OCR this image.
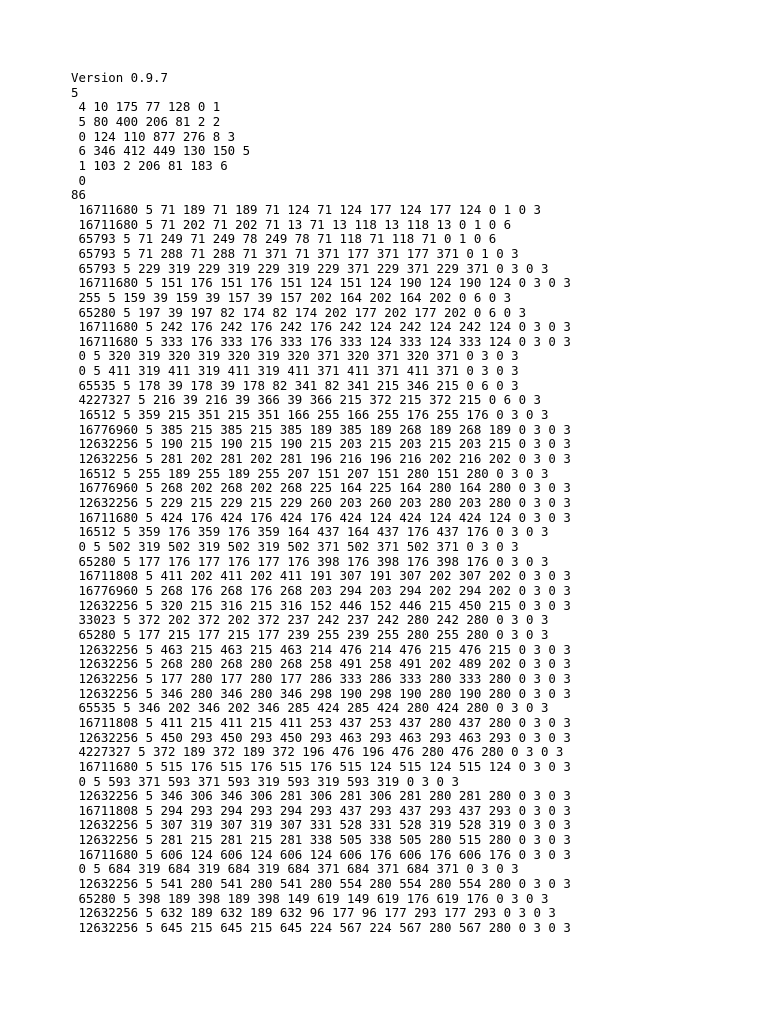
Version 0.9.7
5
4 10 175 77 128 0 1
5 80 400 206 81 2 2
0 124 110 877 276 8 3
6 346 412 449 130 150 5
1 103 2 206 81 183 6
0
86
16711680 5 71 189 71 189 71 124 71 124 177 124 177 124 0 1 0 3
16711680 5 71 202 71 202 71 13 71 13 118 13 118 13 0 1 0 6
65793 5 71 249 71 249 78 249 78 71 118 71 118 71 0 1 0 6
65793 5 71 288 71 288 71 371 71 371 177 371 177 371 0 1 0 3
65793 5 229 319 229 319 229 319 229 371 229 371 229 371 0 3 0 3
16711680 5 151 176 151 176 151 124 151 124 190 124 190 124 0 3 0 3
255 5 159 39 159 39 157 39 157 202 164 202 164 202 0 6 0 3
65280 5 197 39 197 82 174 82 174 202 177 202 177 202 0 6 0 3
16711680 5 242 176 242 176 242 176 242 124 242 124 242 124 0 3 0 3
16711680 5 333 176 333 176 333 176 333 124 333 124 333 124 0 3 0 3
0 5 320 319 320 319 320 319 320 371 320 371 320 371 0 3 0 3
0 5 411 319 411 319 411 319 411 371 411 371 411 371 0 3 0 3
65535 5 178 39 178 39 178 82 341 82 341 215 346 215 0 6 0 3
4227327 5 216 39 216 39 366 39 366 215 372 215 372 215 0 6 0 3
16512 5 359 215 351 215 351 166 255 166 255 176 255 176 0 3 0 3
16776960 5 385 215 385 215 385 189 385 189 268 189 268 189 0 3 0 3
12632256 5 190 215 190 215 190 215 203 215 203 215 203 215 0 3 0 3
12632256 5 281 202 281 202 281 196 216 196 216 202 216 202 0 3 0 3
16512 5 255 189 255 189 255 207 151 207 151 280 151 280 0 3 0 3
16776960 5 268 202 268 202 268 225 164 225 164 280 164 280 0 3 0 3
12632256 5 229 215 229 215 229 260 203 260 203 280 203 280 0 3 0 3
16711680 5 424 176 424 176 424 176 424 124 424 124 424 124 0 3 0 3
16512 5 359 176 359 176 359 164 437 164 437 176 437 176 0 3 0 3
0 5 502 319 502 319 502 319 502 371 502 371 502 371 0 3 0 3
65280 5 177 176 177 176 177 176 398 176 398 176 398 176 0 3 0 3
16711808 5 411 202 411 202 411 191 307 191 307 202 307 202 0 3 0 3
16776960 5 268 176 268 176 268 203 294 203 294 202 294 202 0 3 0 3
12632256 5 320 215 316 215 316 152 446 152 446 215 450 215 0 3 0 3
33023 5 372 202 372 202 372 237 242 237 242 280 242 280 0 3 0 3
65280 5 177 215 177 215 177 239 255 239 255 280 255 280 0 3 0 3
12632256 5 463 215 463 215 463 214 476 214 476 215 476 215 0 3 0 3
12632256 5 268 280 268 280 268 258 491 258 491 202 489 202 0 3 0 3
12632256 5 177 280 177 280 177 286 333 286 333 280 333 280 0 3 0 3
12632256 5 346 280 346 280 346 298 190 298 190 280 190 280 0 3 0 3
65535 5 346 202 346 202 346 285 424 285 424 280 424 280 0 3 0 3
16711808 5 411 215 411 215 411 253 437 253 437 280 437 280 0 3 0 3
12632256 5 450 293 450 293 450 293 463 293 463 293 463 293 0 3 0 3
4227327 5 372 189 372 189 372 196 476 196 476 280 476 280 0 3 0 3
16711680 5 515 176 515 176 515 176 515 124 515 124 515 124 0 3 0 3
0 5 593 371 593 371 593 319 593 319 593 319 0 3 0 3
12632256 5 346 306 346 306 281 306 281 306 281 280 281 280 0 3 0 3
16711808 5 294 293 294 293 294 293 437 293 437 293 437 293 0 3 0 3
12632256 5 307 319 307 319 307 331 528 331 528 319 528 319 0 3 0 3
12632256 5 281 215 281 215 281 338 505 338 505 280 515 280 0 3 0 3
16711680 5 606 124 606 124 606 124 606 176 606 176 606 176 0 3 0 3
0 5 684 319 684 319 684 319 684 371 684 371 684 371 0 3 0 3
12632256 5 541 280 541 280 541 280 554 280 554 280 554 280 0 3 0 3
65280 5 398 189 398 189 398 149 619 149 619 176 619 176 0 3 0 3
12632256 5 632 189 632 189 632 96 177 96 177 293 177 293 0 3 0 3
12632256 5 645 215 645 215 645 224 567 224 567 280 567 280 0 3 0 3
